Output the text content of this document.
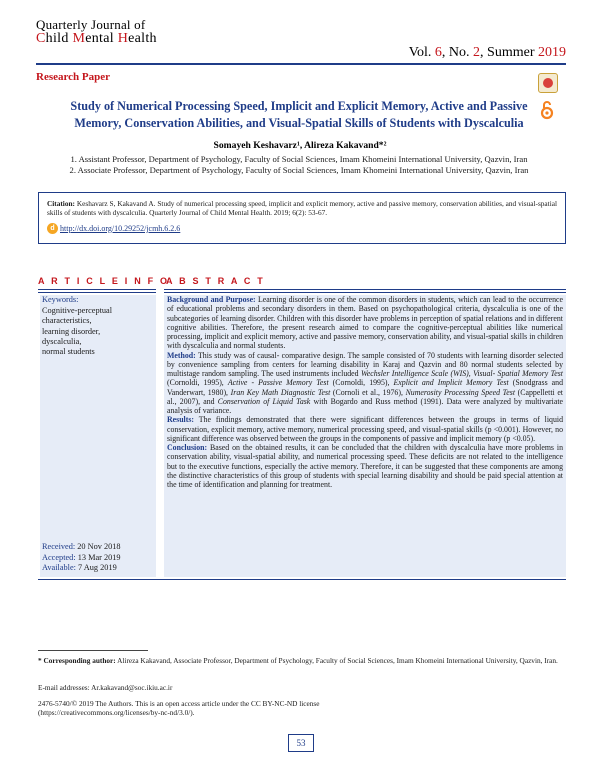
Quarterly Journal of
Child Mental Health
Vol. 6, No. 2, Summer 2019
Research Paper
Study of Numerical Processing Speed, Implicit and Explicit Memory, Active and Passive Memory, Conservation Abilities, and Visual-Spatial Skills of Students with Dyscalculia
Somayeh Keshavarz¹, Alireza Kakavand*²
1. Assistant Professor, Department of Psychology, Faculty of Social Sciences, Imam Khomeini International University, Qazvin, Iran
2. Associate Professor, Department of Psychology, Faculty of Social Sciences, Imam Khomeini International University, Qazvin, Iran
Citation: Keshavarz S, Kakavand A. Study of numerical processing speed, implicit and explicit memory, active and passive memory, conservation abilities, and visual-spatial skills of students with dyscalculia. Quarterly Journal of Child Mental Health. 2019; 6(2): 53-67.
d http://dx.doi.org/10.29252/jcmh.6.2.6
A R T I C L E I N F O
A B S T R A C T
Keywords:
Cognitive-perceptual
characteristics,
learning disorder,
dyscalculia,
normal students
Received: 20 Nov 2018
Accepted: 13 Mar 2019
Available: 7 Aug 2019

Background and Purpose: Learning disorder is one of the common disorders in students, which can lead to the occurrence of educational problems and secondary disorders in them. Based on psychopathological criteria, dyscalculia is one of the subcategories of learning disorder. Children with this disorder have problems in perception of spatial relations and in different cognitive abilities. Therefore, the present research aimed to compare the cognitive-perceptual abilities like numerical processing, implicit and explicit memory, active and passive memory, conservation ability, and visual-spatial skills in children with dyscalculia and normal students.

Method: This study was of causal- comparative design. The sample consisted of 70 students with learning disorder selected by convenience sampling from centers for learning disability in Karaj and Qazvin and 80 normal students selected by multistage random sampling. The used instruments included Wechsler Intelligence Scale (WIS), Visual- Spatial Memory Test (Cornoldi, 1995), Active - Passive Memory Test (Cornoldi, 1995), Explicit and Implicit Memory Test (Snodgrass and Vanderwart, 1980), Iran Key Math Diagnostic Test (Cornoli et al., 1976), Numerosity Processing Speed Test (Cappelletti et al., 2007), and Conservation of Liquid Task with Bogardo and Russ method (1991). Data were analyzed by multivariate analysis of variance.

Results: The findings demonstrated that there were significant differences between the groups in terms of liquid conservation, explicit memory, active memory, numerical processing speed, and visual-spatial skills (p <0.001). However, no significant difference was observed between the groups in the components of passive and implicit memory (p <0.05).

Conclusion: Based on the obtained results, it can be concluded that the children with dyscalculia have more problems in conservation ability, visual-spatial ability, and numerical processing speed. These deficits are not related to the intelligence but to the executive functions, especially the active memory. Therefore, it can be suggested that these components are among the distinctive characteristics of this group of students with special learning disability and should be paid special attention at the time of identification and planning for treatment.

* Corresponding author: Alireza Kakavand, Associate Professor, Department of Psychology, Faculty of Social Sciences, Imam Khomeini International University, Qazvin, Iran.
E-mail addresses: Ar.kakavand@soc.ikiu.ac.ir
2476-5740/© 2019 The Authors. This is an open access article under the CC BY-NC-ND license
(https://creativecommons.org/licenses/by-nc-nd/3.0/).
53
